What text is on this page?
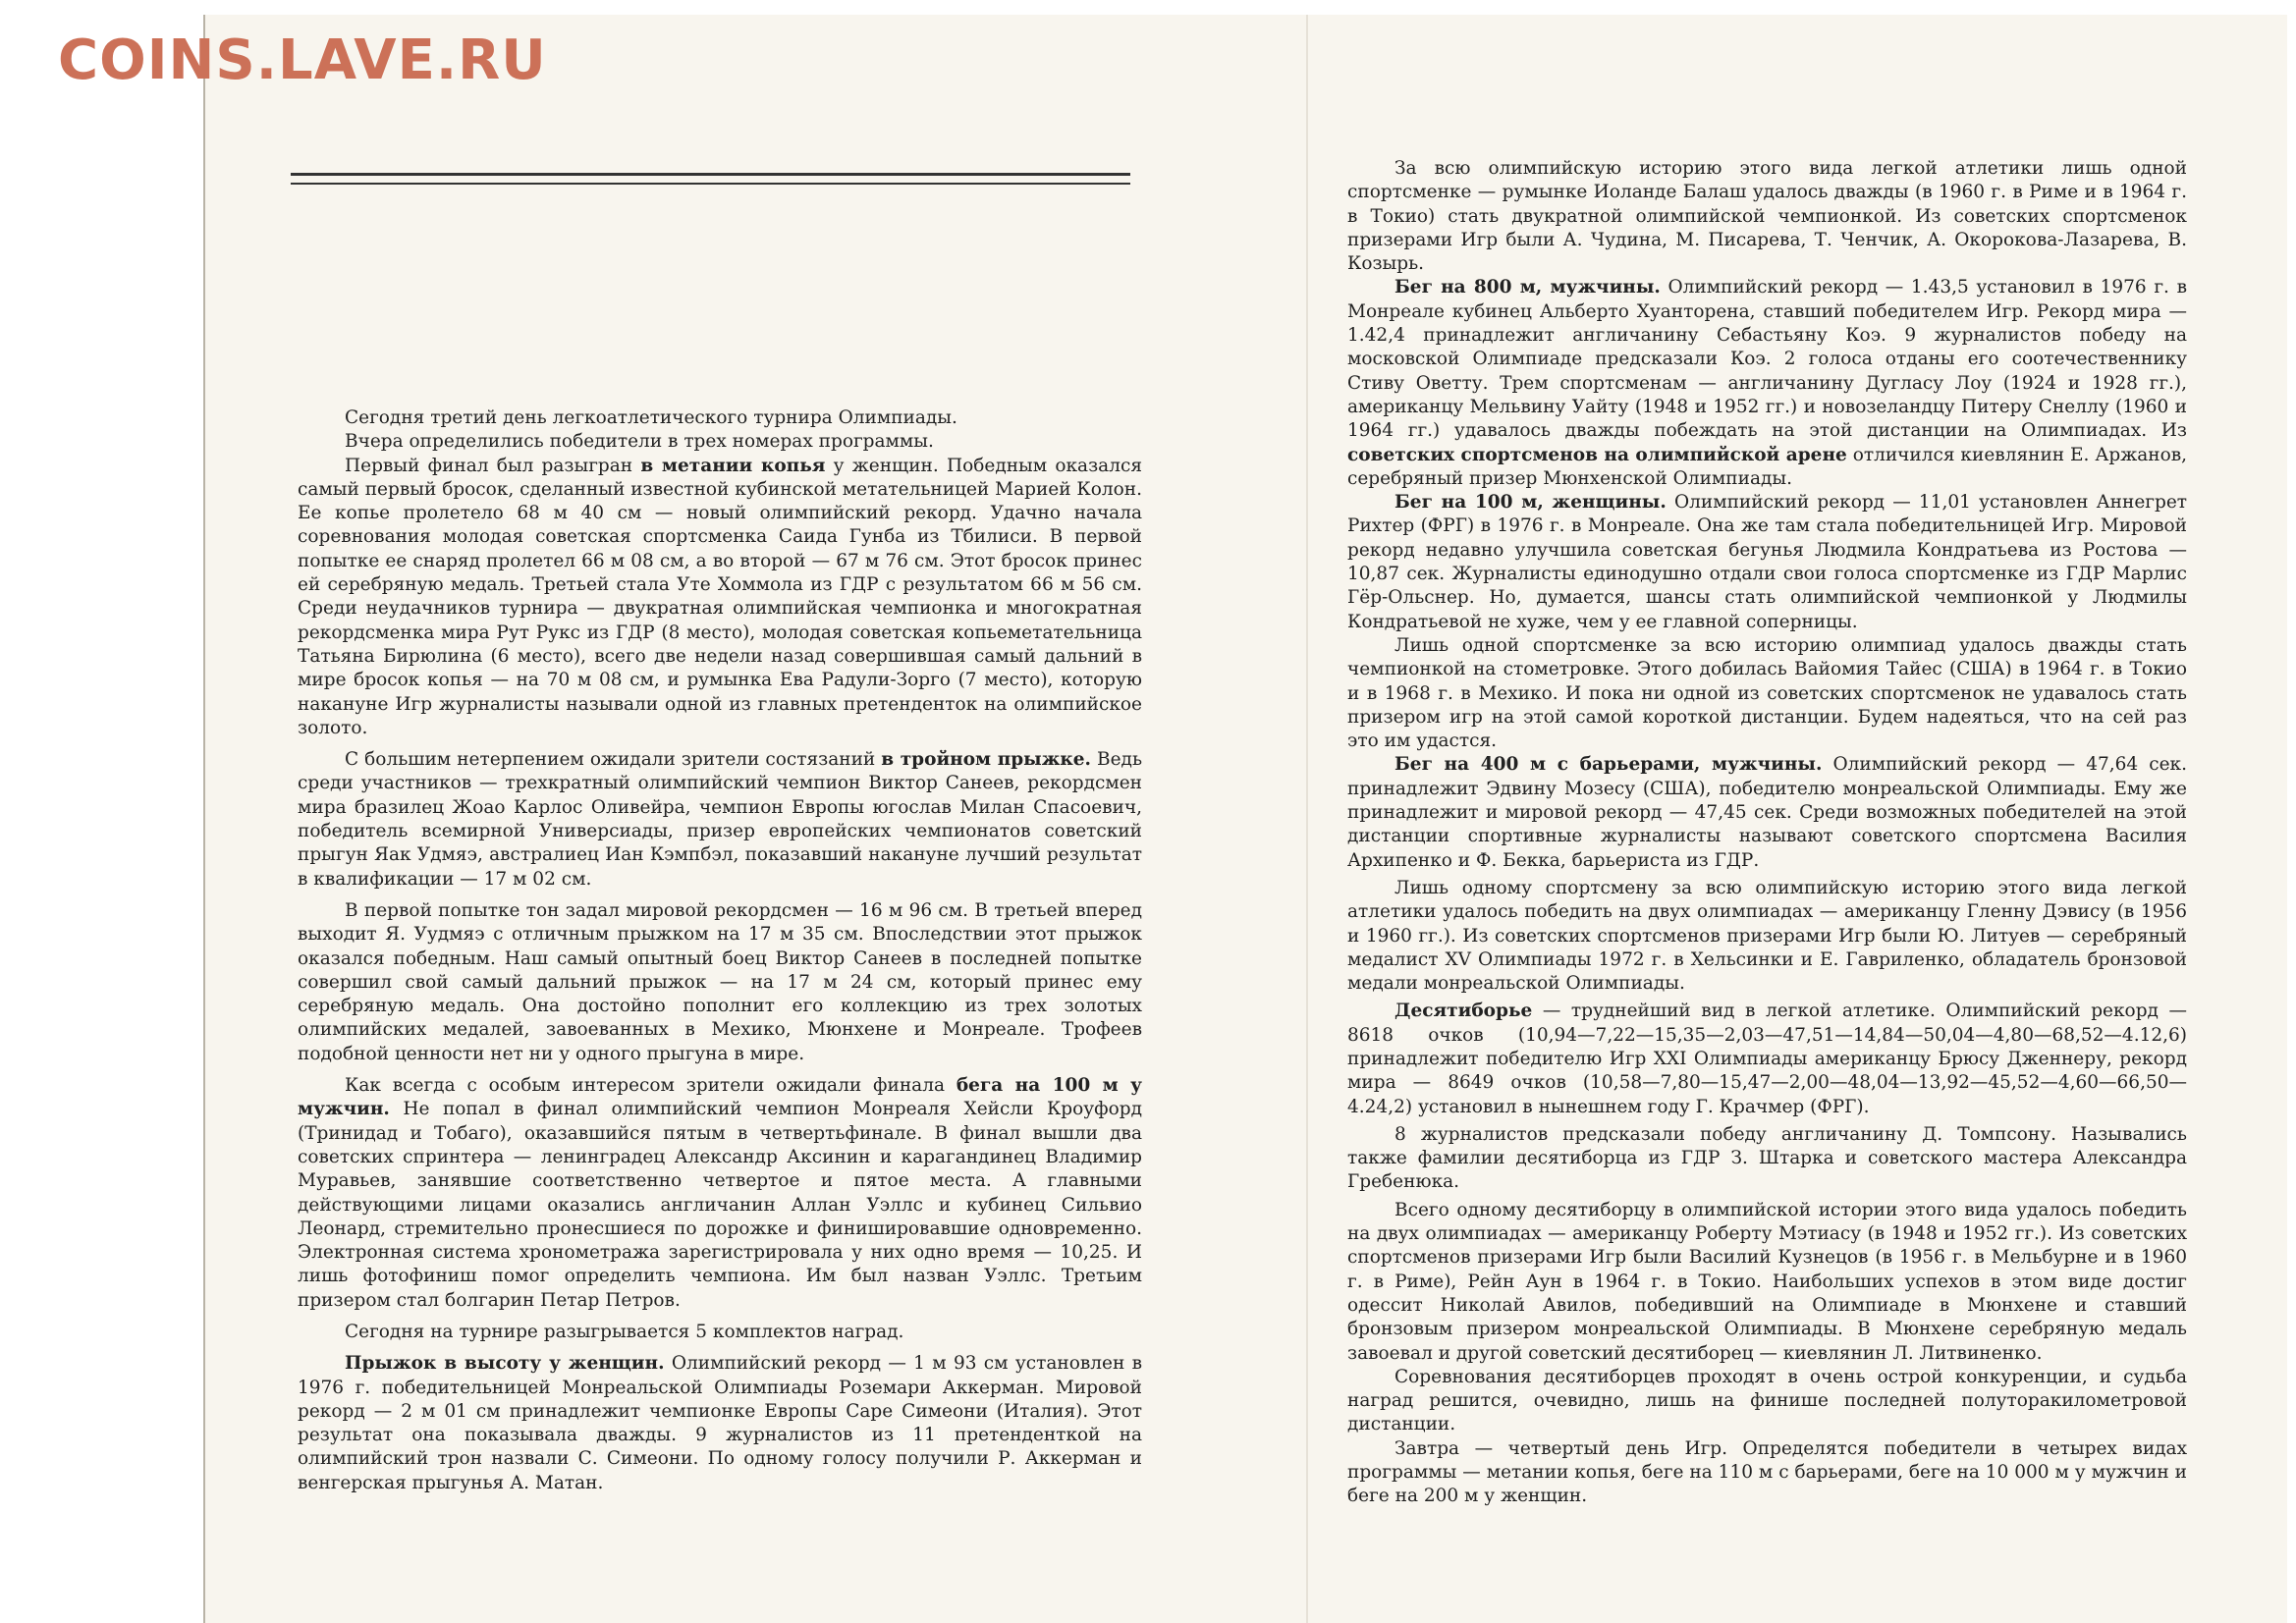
COINS.LAVE.RU

Сегодня третий день легкоатлетического турнира Олимпиады.

Вчера определились победители в трех номерах программы.

Первый финал был разыгран в метании копья у женщин. Победным оказался самый первый бросок, сделанный известной кубинской метательницей Марией Колон. Ее копье пролетело 68 м 40 см — новый олимпийский рекорд. Удачно начала соревнования молодая советская спортсменка Саида Гунба из Тбилиси. В первой попытке ее снаряд пролетел 66 м 08 см, а во второй — 67 м 76 см. Этот бросок принес ей серебряную медаль. Третьей стала Уте Хоммола из ГДР с результатом 66 м 56 см. Среди неудачников турнира — двукратная олимпийская чемпионка и многократная рекордсменка мира Рут Рукс из ГДР (8 место), молодая советская копьеметательница Татьяна Бирюлина (6 место), всего две недели назад совершившая самый дальний в мире бросок копья — на 70 м 08 см, и румынка Ева Радули-Зорго (7 место), которую накануне Игр журналисты называли одной из главных претенденток на олимпийское золото.

С большим нетерпением ожидали зрители состязаний в тройном прыжке. Ведь среди участников — трехкратный олимпийский чемпион Виктор Санеев, рекордсмен мира бразилец Жоао Карлос Оливейра, чемпион Европы югослав Милан Спасоевич, победитель всемирной Универсиады, призер европейских чемпионатов советский прыгун Яак Удмяэ, австралиец Иан Кэмпбэл, показавший накануне лучший результат в квалификации — 17 м 02 см.

В первой попытке тон задал мировой рекордсмен — 16 м 96 см. В третьей вперед выходит Я. Уудмяэ с отличным прыжком на 17 м 35 см. Впоследствии этот прыжок оказался победным. Наш самый опытный боец Виктор Санеев в последней попытке совершил свой самый дальний прыжок — на 17 м 24 см, который принес ему серебряную медаль. Она достойно пополнит его коллекцию из трех золотых олимпийских медалей, завоеванных в Мехико, Мюнхене и Монреале. Трофеев подобной ценности нет ни у одного прыгуна в мире.

Как всегда с особым интересом зрители ожидали финала бега на 100 м у мужчин. Не попал в финал олимпийский чемпион Монреаля Хейсли Кроуфорд (Тринидад и Тобаго), оказавшийся пятым в четвертьфинале. В финал вышли два советских спринтера — ленинградец Александр Аксинин и карагандинец Владимир Муравьев, занявшие соответственно четвертое и пятое места. А главными действующими лицами оказались англичанин Аллан Уэллс и кубинец Сильвио Леонард, стремительно пронесшиеся по дорожке и финишировавшие одновременно. Электронная система хронометража зарегистрировала у них одно время — 10,25. И лишь фотофиниш помог определить чемпиона. Им был назван Уэллс. Третьим призером стал болгарин Петар Петров.

Сегодня на турнире разыгрывается 5 комплектов наград.

Прыжок в высоту у женщин. Олимпийский рекорд — 1 м 93 см установлен в 1976 г. победительницей Монреальской Олимпиады Роземари Аккерман. Мировой рекорд — 2 м 01 см принадлежит чемпионке Европы Саре Симеони (Италия). Этот результат она показывала дважды. 9 журналистов из 11 претенденткой на олимпийский трон назвали С. Симеони. По одному голосу получили Р. Аккерман и венгерская прыгунья А. Матан.

За всю олимпийскую историю этого вида легкой атлетики лишь одной спортсменке — румынке Иоланде Балаш удалось дважды (в 1960 г. в Риме и в 1964 г. в Токио) стать двукратной олимпийской чемпионкой. Из советских спортсменок призерами Игр были А. Чудина, М. Писарева, Т. Ченчик, А. Окорокова-Лазарева, В. Козырь.

Бег на 800 м, мужчины. Олимпийский рекорд — 1.43,5 установил в 1976 г. в Монреале кубинец Альберто Хуанторена, ставший победителем Игр. Рекорд мира — 1.42,4 принадлежит англичанину Себастьяну Коэ. 9 журналистов победу на московской Олимпиаде предсказали Коэ. 2 голоса отданы его соотечественнику Стиву Оветту. Трем спортсменам — англичанину Дугласу Лоу (1924 и 1928 гг.), американцу Мельвину Уайту (1948 и 1952 гг.) и новозеландцу Питеру Снеллу (1960 и 1964 гг.) удавалось дважды побеждать на этой дистанции на Олимпиадах. Из советских спортсменов на олимпийской арене отличился киевлянин Е. Аржанов, серебряный призер Мюнхенской Олимпиады.

Бег на 100 м, женщины. Олимпийский рекорд — 11,01 установлен Аннегрет Рихтер (ФРГ) в 1976 г. в Монреале. Она же там стала победительницей Игр. Мировой рекорд недавно улучшила советская бегунья Людмила Кондратьева из Ростова — 10,87 сек. Журналисты единодушно отдали свои голоса спортсменке из ГДР Марлис Гёр-Ольснер. Но, думается, шансы стать олимпийской чемпионкой у Людмилы Кондратьевой не хуже, чем у ее главной соперницы.

Лишь одной спортсменке за всю историю олимпиад удалось дважды стать чемпионкой на стометровке. Этого добилась Вайомия Тайес (США) в 1964 г. в Токио и в 1968 г. в Мехико. И пока ни одной из советских спортсменок не удавалось стать призером игр на этой самой короткой дистанции. Будем надеяться, что на сей раз это им удастся.

Бег на 400 м с барьерами, мужчины. Олимпийский рекорд — 47,64 сек. принадлежит Эдвину Мозесу (США), победителю монреальской Олимпиады. Ему же принадлежит и мировой рекорд — 47,45 сек. Среди возможных победителей на этой дистанции спортивные журналисты называют советского спортсмена Василия Архипенко и Ф. Бекка, барьериста из ГДР.

Лишь одному спортсмену за всю олимпийскую историю этого вида легкой атлетики удалось победить на двух олимпиадах — американцу Гленну Дэвису (в 1956 и 1960 гг.). Из советских спортсменов призерами Игр были Ю. Литуев — серебряный медалист XV Олимпиады 1972 г. в Хельсинки и Е. Гавриленко, обладатель бронзовой медали монреальской Олимпиады.

Десятиборье — труднейший вид в легкой атлетике. Олимпийский рекорд — 8618 очков (10,94—7,22—15,35—2,03—47,51—14,84—50,04—4,80—68,52—4.12,6) принадлежит победителю Игр XXI Олимпиады американцу Брюсу Дженнеру, рекорд мира — 8649 очков (10,58—7,80—15,47—2,00—48,04—13,92—45,52—4,60—66,50—4.24,2) установил в нынешнем году Г. Крачмер (ФРГ).

8 журналистов предсказали победу англичанину Д. Томпсону. Назывались также фамилии десятиборца из ГДР З. Штарка и советского мастера Александра Гребенюка.

Всего одному десятиборцу в олимпийской истории этого вида удалось победить на двух олимпиадах — американцу Роберту Мэтиасу (в 1948 и 1952 гг.). Из советских спортсменов призерами Игр были Василий Кузнецов (в 1956 г. в Мельбурне и в 1960 г. в Риме), Рейн Аун в 1964 г. в Токио. Наибольших успехов в этом виде достиг одессит Николай Авилов, победивший на Олимпиаде в Мюнхене и ставший бронзовым призером монреальской Олимпиады. В Мюнхене серебряную медаль завоевал и другой советский десятиборец — киевлянин Л. Литвиненко.

Соревнования десятиборцев проходят в очень острой конкуренции, и судьба наград решится, очевидно, лишь на финише последней полуторакилометровой дистанции.

Завтра — четвертый день Игр. Определятся победители в четырех видах программы — метании копья, беге на 110 м с барьерами, беге на 10 000 м у мужчин и беге на 200 м у женщин.
